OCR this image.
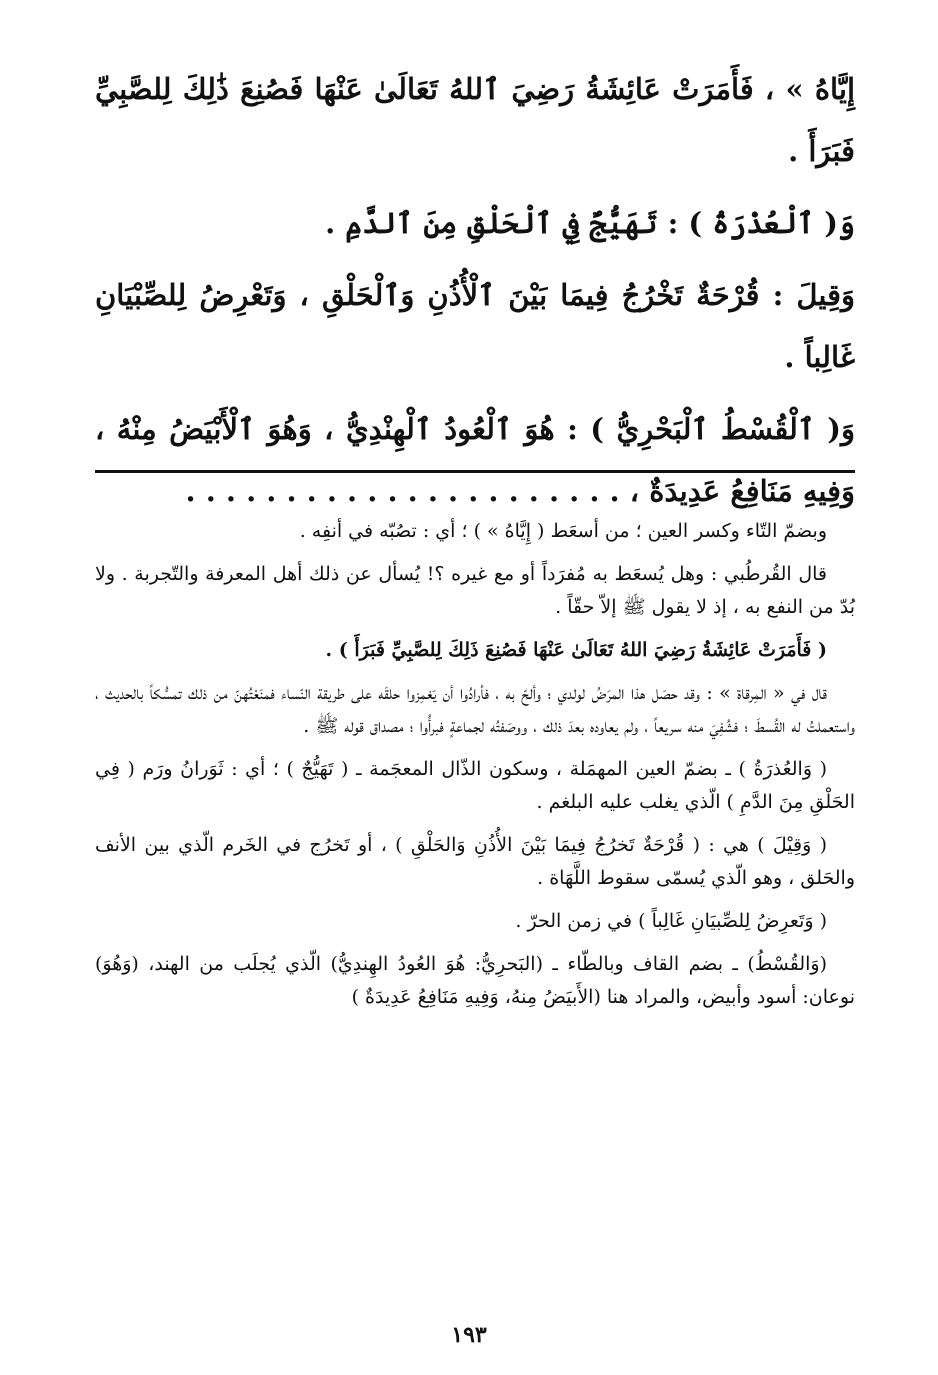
إِيَّاهُ » ، فَأَمَرَتْ عَائِشَةُ رَضِيَ ٱللهُ تَعَالَىٰ عَنْهَا فَصُنِعَ ذَٰلِكَ لِلصَّبِيِّ فَبَرَأَ .

وَ( ٱلْعُذْرَةُ ) : تَهَيُّجٌ فِي ٱلْحَلْقِ مِنَ ٱلدَّمِ .

وَقِيلَ : قُرْحَةٌ تَخْرُجُ فِيمَا بَيْنَ ٱلْأُذُنِ وَٱلْحَلْقِ ، وَتَعْرِضُ لِلصِّبْيَانِ غَالِباً .

وَ( ٱلْقُسْطُ ٱلْبَحْرِيُّ ) : هُوَ ٱلْعُودُ ٱلْهِنْدِيُّ ، وَهُوَ ٱلْأَبْيَضُ مِنْهُ ، وَفِيهِ مَنَافِعُ عَدِيدَةٌ ، . . . . . . . . . . . . . . . . . . . . . .

وبضمّ التّاء وكسر العين ؛ من أسعَط ( إِيَّاهُ » ) ؛ أي : تصُبّه في أنفِه .

قال القُرطُبي : وهل يُسعَط به مُفرَداً أو مع غيره ؟! يُسأل عن ذلك أهل المعرفة والتّجربة . ولا بُدّ من النفع به ، إذ لا يقول ﷺ إلاّ حقّاً .

( فَأَمَرَتْ عَائِشَةُ رَضِيَ اللهُ تَعَالَىٰ عَنْهَا فَصُنِعَ ذَلِكَ لِلصَّبِيِّ فَبَرَأَ ) .

قال في « المِرقاة » : وقد حصَل هذا المرَضُ لولدي ؛ وألحّ به ، فأرادُوا أن يَغمِزوا حلقَه على طريقة النّساء فمنَعْتُهنّ من ذلك تمسُّكاً بالحديث ، واستعملتُ له القُسطَ ؛ فشُفِيَ منه سريعاً ، ولم يعاوده بعدَ ذلك ، ووصَفتُه لجماعةٍ فبرأُوا ؛ مصداق قوله ﷺ .

( وَالعُذرَةُ ) ـ بضمّ العين المهمَلة ، وسكون الذّال المعجَمة ـ ( تَهَيُّجٌ ) ؛ أي : ثَوَرانُ ورَم ( فِي الحَلْقِ مِنَ الدَّمِ ) الّذي يغلب عليه البلغم .

( وَقِيْلَ ) هي : ( قُرْحَةٌ تَخرُجُ فِيمَا بَيْنَ الأُذُنِ وَالحَلْقِ ) ، أو تَخرُج في الخَرم الّذي بين الأنف والحَلق ، وهو الّذي يُسمّى سقوط اللَّهَاة .

( وَتَعرِضُ لِلصِّبيَانِ غَالِباً ) في زمن الحرّ .

(وَالقُسْطُ) ـ بضم القاف وبالطّاء ـ (البَحرِيُّ: هُوَ العُودُ الهِندِيُّ) الّذي يُجلَب من الهند، (وَهُوَ) نوعان: أسود وأبيض، والمراد هنا (الأَبيَضُ مِنهُ، وَفِيهِ مَنَافِعُ عَدِيدَةٌ )

١٩٣
